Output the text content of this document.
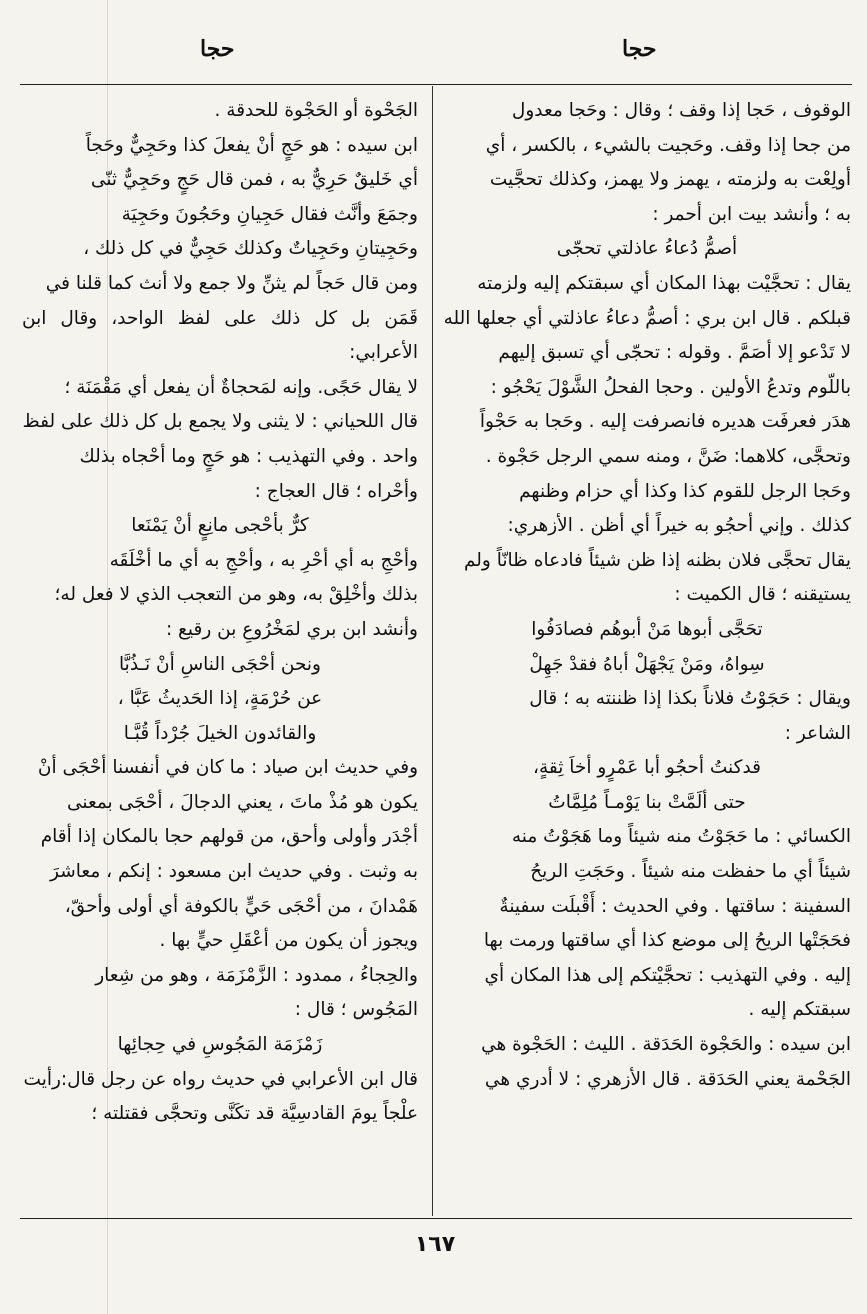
حجا
حجا

الوقوف ، حَجا إذا وقف ؛ وقال : وحَجا معدول

من جحا إذا وقف. وحَجيت بالشيء ، بالكسر ، أي

أولِعْت به ولزمته ، يهمز ولا يهمز، وكذلك تحجَّيت

به ؛ وأنشد بيت ابن أحمر :

أصمُّ دُعاءُ عاذلتي تحجّى

يقال : تحجَّيْت بهذا المكان أي سبقتكم إليه ولزمته

قبلكم . قال ابن بري : أصمُّ دعاءُ عاذلتي أي جعلها الله

لا تَدْعو إلا أصَمَّ . وقوله : تحجّى أي تسبق إليهم

باللّوم وتدعُ الأولين . وحجا الفحلُ الشَّوْلَ يَحْجُو :

هدَر فعرفَت هديره فانصرفت إليه . وحَجا به حَجْواً

وتحجَّى، كلاهما: ضَنَّ ، ومنه سمي الرجل حَجْوة .

وحَجا الرجل للقوم كذا وكذا أي حزام وظنهم

كذلك . وإني أحجُو به خيراً أي أظن . الأزهري:

يقال تحجَّى فلان بظنه إذا ظن شيئاً فادعاه ظانّاً ولم

يستيقنه ؛ قال الكميت :

تحَجَّى أبوها مَنْ أبوهُم فصادَفُوا

سِواهُ، ومَنْ يَجْهَلْ أباهُ فقدْ جَهِلْ

ويقال : حَجَوْتُ فلاناً بكذا إذا ظننته به ؛ قال

الشاعر :

قدكنتُ أحجُو أبا عَمْرٍو أخاَ ثِقةٍ،

حتى ألَمَّتْ بنا يَوْمـاً مُلِمَّاتُ

الكسائي : ما حَجَوْتُ منه شيئاً وما هَجَوْتُ منه

شيئاً أي ما حفظت منه شيئاً . وحَجَتِ الريحُ

السفينة : ساقتها . وفي الحديث : أَقْبلَت سفينةٌ

فحَجَتْها الريحُ إلى موضع كذا أي ساقتها ورمت بها

إليه . وفي التهذيب : تحجَّيْتكم إلى هذا المكان أي

سبقتكم إليه .

ابن سيده : والحَجْوة الحَدَقة . الليث : الحَجْوة هي

الجَحْمة يعني الحَدَقة . قال الأزهري : لا أدري هي

الجَحْوة أو الحَجْوة للحدقة .

ابن سيده : هو حَجٍ أنْ يفعلَ كذا وحَجِيٌّ وحَجاً

أي خَليقٌ حَرِيٌّ به ، فمن قال حَجٍ وحَجِيٌّ ثنّى

وجمَعَ وأنَّث فقال حَجِيانِ وحَجُونَ وحَجِيَة

وحَجِيتانِ وحَجِياتٌ وكذلك حَجِيٌّ في كل ذلك ،

ومن قال حَجاً لم يثنِّ ولا جمع ولا أنث كما قلنا في

قَمَن بل كل ذلك على لفظ الواحد، وقال ابن الأعرابي:

لا يقال حَجًى. وإنه لمَحجاةٌ أن يفعل أي مَقْمَنَة ؛

قال اللحياني : لا يثنى ولا يجمع بل كل ذلك على لفظ

واحد . وفي التهذيب : هو حَجٍ وما أحْجاه بذلك

وأحْراه ؛ قال العجاج :

كرٌّ بأحْجى مانِعٍ أنْ يَمْنَعا

وأحْجِ به أي أحْرِ به ، وأحْجِ به أي ما أخْلَقَه

بذلك وأخْلِقْ به، وهو من التعجب الذي لا فعل له؛

وأنشد ابن بري لمَخْرُوعِ بن رقيع :

ونحن أحْجَى الناسِ أنْ نَـذُبَّا

عن حُرْمَةٍ، إذا الحَديثُ عَبَّا ،

والقائدون الخيلَ جُرْداً قُبَّـا

وفي حديث ابن صياد : ما كان في أنفسنا أحْجَى أنْ

يكون هو مُذْ ماتَ ، يعني الدجالَ ، أحْجَى بمعنى

أجْدَر وأولى وأحق، من قولهم حجا بالمكان إذا أقام

به وثبت . وفي حديث ابن مسعود : إنكم ، معاشرَ

هَمْدانَ ، من أحْجَى حَيٍّ بالكوفة أي أولى وأحقّ،

ويجوز أن يكون من أعْقَلِ حيٍّ بها .

والحِجاءُ ، ممدود : الزَّمْزَمَة ، وهو من شِعار

المَجُوس ؛ قال :

زَمْزَمَة المَجُوسِ في حِجائِها

قال ابن الأعرابي في حديث رواه عن رجل قال:رأيت

علْجاً يومَ القادسِيَّة قد تكَنَّى وتحجَّى فقتلته ؛

١٦٧
